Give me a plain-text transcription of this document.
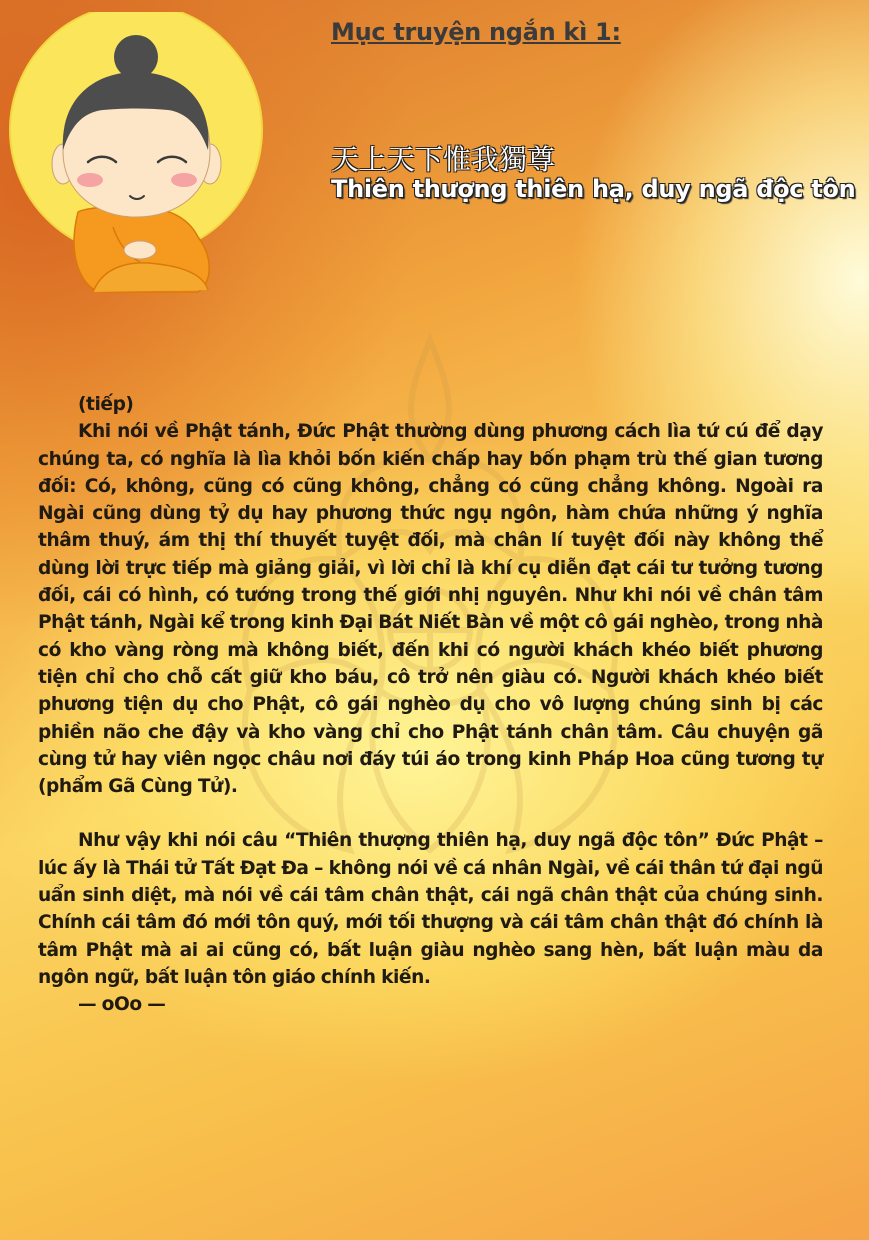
Mục truyện ngắn kì 1:
天上天下惟我獨尊
Thiên thượng thiên hạ, duy ngã độc tôn

(tiếp)

Khi nói về Phật tánh, Đức Phật thường dùng phương cách lìa tứ cú để dạy chúng ta, có nghĩa là lìa khỏi bốn kiến chấp hay bốn phạm trù thế gian tương đối: Có, không, cũng có cũng không, chẳng có cũng chẳng không. Ngoài ra Ngài cũng dùng tỷ dụ hay phương thức ngụ ngôn, hàm chứa những ý nghĩa thâm thuý, ám thị thí thuyết tuyệt đối, mà chân lí tuyệt đối này không thể dùng lời trực tiếp mà giảng giải, vì lời chỉ là khí cụ diễn đạt cái tư tưởng tương đối, cái có hình, có tướng trong thế giới nhị nguyên. Như khi nói về chân tâm Phật tánh, Ngài kể trong kinh Đại Bát Niết Bàn về một cô gái nghèo, trong nhà có kho vàng ròng mà không biết, đến khi có người khách khéo biết phương tiện chỉ cho chỗ cất giữ kho báu, cô trở nên giàu có. Người khách khéo biết phương tiện dụ cho Phật, cô gái nghèo dụ cho vô lượng chúng sinh bị các phiền não che đậy và kho vàng chỉ cho Phật tánh chân tâm. Câu chuyện gã cùng tử hay viên ngọc châu nơi đáy túi áo trong kinh Pháp Hoa cũng tương tự (phẩm Gã Cùng Tử).

Như vậy khi nói câu “Thiên thượng thiên hạ, duy ngã độc tôn” Đức Phật – lúc ấy là Thái tử Tất Đạt Đa – không nói về cá nhân Ngài, về cái thân tứ đại ngũ uẩn sinh diệt, mà nói về cái tâm chân thật, cái ngã chân thật của chúng sinh. Chính cái tâm đó mới tôn quý, mới tối thượng và cái tâm chân thật đó chính là tâm Phật mà ai ai cũng có, bất luận giàu nghèo sang hèn, bất luận màu da ngôn ngữ, bất luận tôn giáo chính kiến.

— oOo —
